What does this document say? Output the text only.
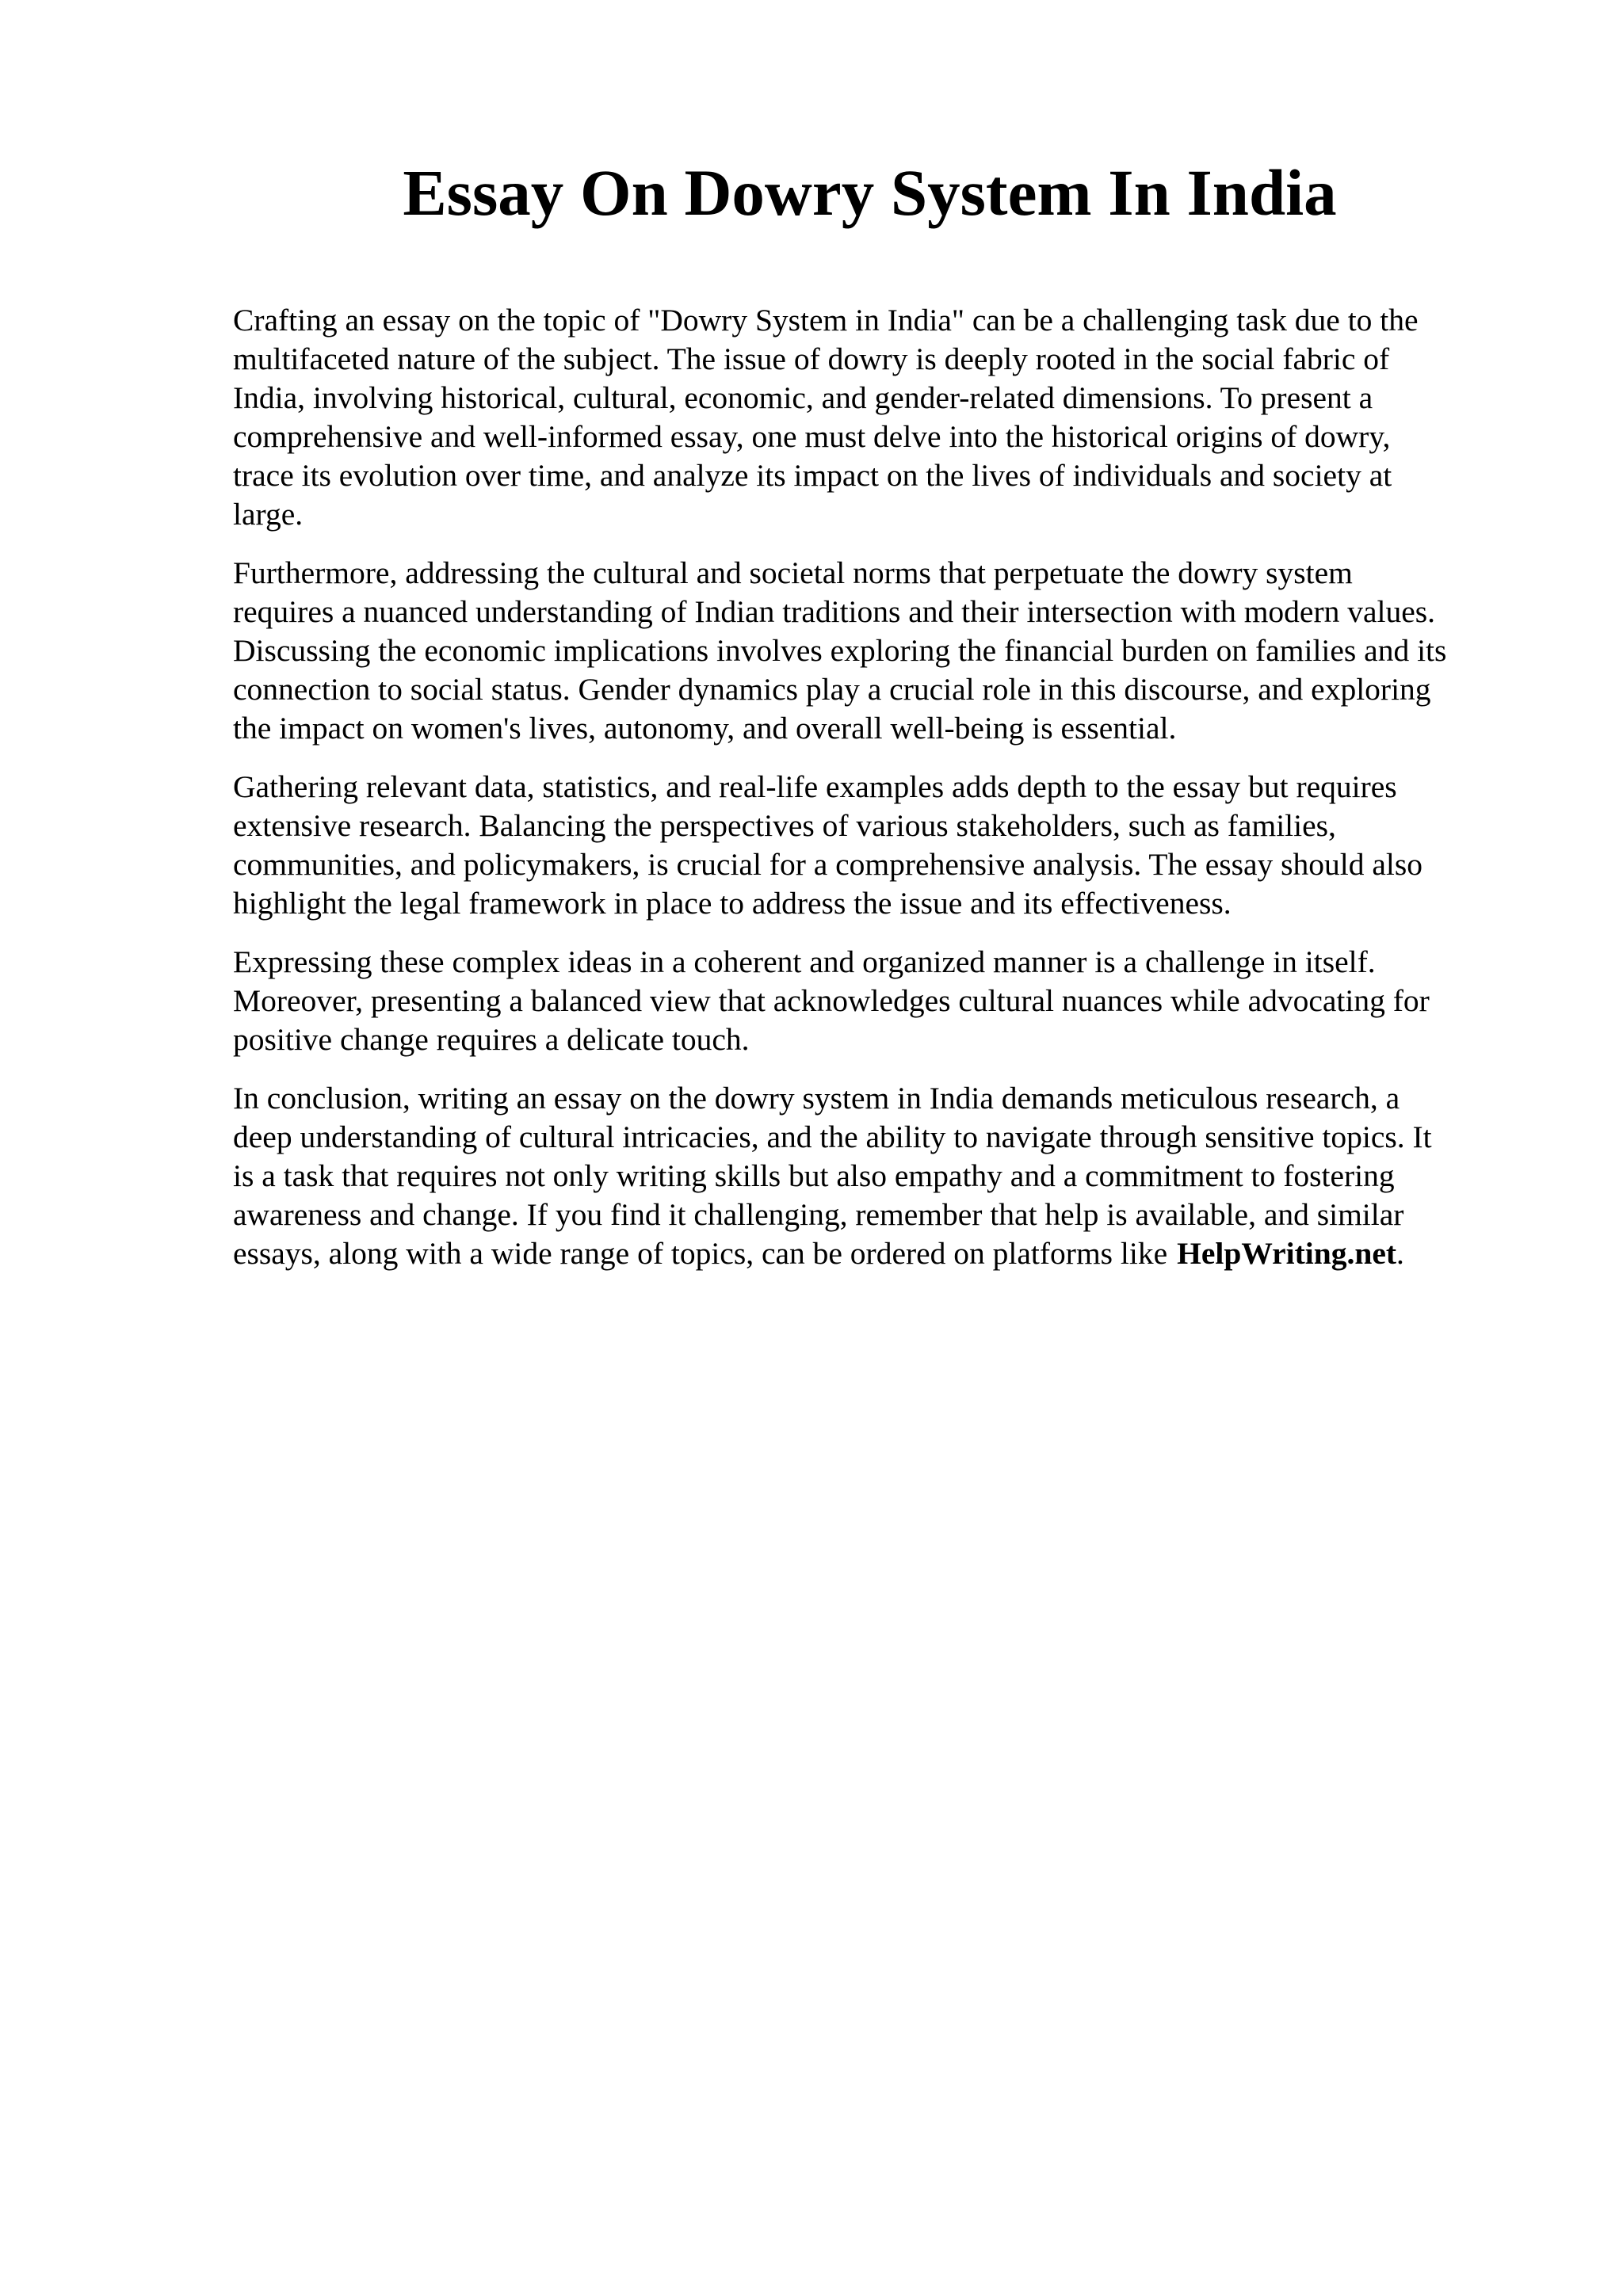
Essay On Dowry System In India

Crafting an essay on the topic of "Dowry System in India" can be a challenging task due to the
multifaceted nature of the subject. The issue of dowry is deeply rooted in the social fabric of
India, involving historical, cultural, economic, and gender-related dimensions. To present a
comprehensive and well-informed essay, one must delve into the historical origins of dowry,
trace its evolution over time, and analyze its impact on the lives of individuals and society at
large.

Furthermore, addressing the cultural and societal norms that perpetuate the dowry system
requires a nuanced understanding of Indian traditions and their intersection with modern values.
Discussing the economic implications involves exploring the financial burden on families and its
connection to social status. Gender dynamics play a crucial role in this discourse, and exploring
the impact on women's lives, autonomy, and overall well-being is essential.

Gathering relevant data, statistics, and real-life examples adds depth to the essay but requires
extensive research. Balancing the perspectives of various stakeholders, such as families,
communities, and policymakers, is crucial for a comprehensive analysis. The essay should also
highlight the legal framework in place to address the issue and its effectiveness.

Expressing these complex ideas in a coherent and organized manner is a challenge in itself.
Moreover, presenting a balanced view that acknowledges cultural nuances while advocating for
positive change requires a delicate touch.

In conclusion, writing an essay on the dowry system in India demands meticulous research, a
deep understanding of cultural intricacies, and the ability to navigate through sensitive topics. It
is a task that requires not only writing skills but also empathy and a commitment to fostering
awareness and change. If you find it challenging, remember that help is available, and similar
essays, along with a wide range of topics, can be ordered on platforms like HelpWriting.net.
